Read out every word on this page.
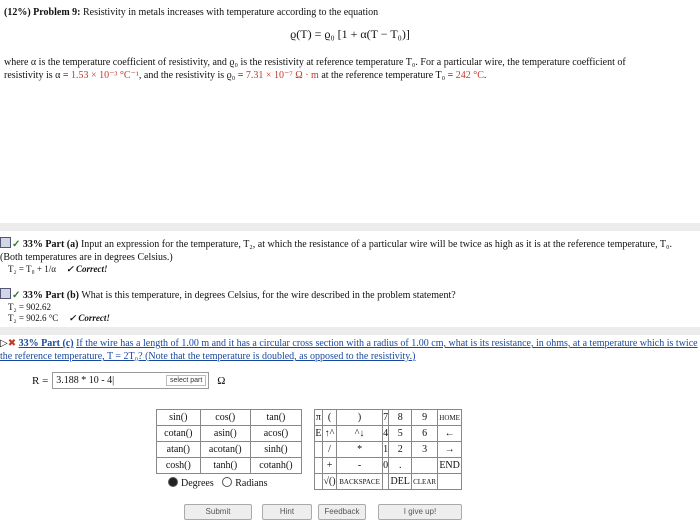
(12%) Problem 9: Resistivity in metals increases with temperature according to the equation
ϱ(T) = ϱ₀ [1 + α(T − T₀)]
where α is the temperature coefficient of resistivity, and ϱ₀ is the resistivity at reference temperature T₀. For a particular wire, the temperature coefficient of
resistivity is α = 1.53 × 10⁻³ °C⁻¹, and the resistivity is ϱ₀ = 7.31 × 10⁻⁷ Ω · m at the reference temperature T₀ = 242 °C.
✓ 33% Part (a) Input an expression for the temperature, T₂, at which the resistance of a particular wire will be twice as high as it is at the reference temperature, T₀. (Both temperatures are in degrees Celsius.)
T₂ = T₀ + 1/α ✓ Correct!
✓ 33% Part (b) What is this temperature, in degrees Celsius, for the wire described in the problem statement?
T₂ = 902.62
T₂ = 902.6 °C ✓ Correct!
▷✖ 33% Part (c) If the wire has a length of 1.00 m and it has a circular cross section with a radius of 1.00 cm, what is its resistance, in ohms, at a temperature which is twice the reference temperature, T = 2T₀? (Note that the temperature is doubled, as opposed to the resistivity.)
R = 3.188 * 10 - 4|	select part	Ω
sin()	cos()	tan()
cotan()	asin()	acos()
atan()	acotan()	sinh()
cosh()	tanh()	cotanh()
π	(	)	7	8	9	HOME
E	↑^	^↓	4	5	6	←
	/	*	1	2	3	→
	+	-	0	.		END
	√()	BACKSPACE		DEL	CLEAR	
Degrees Radians
Submit	Hint	Feedback	I give up!
